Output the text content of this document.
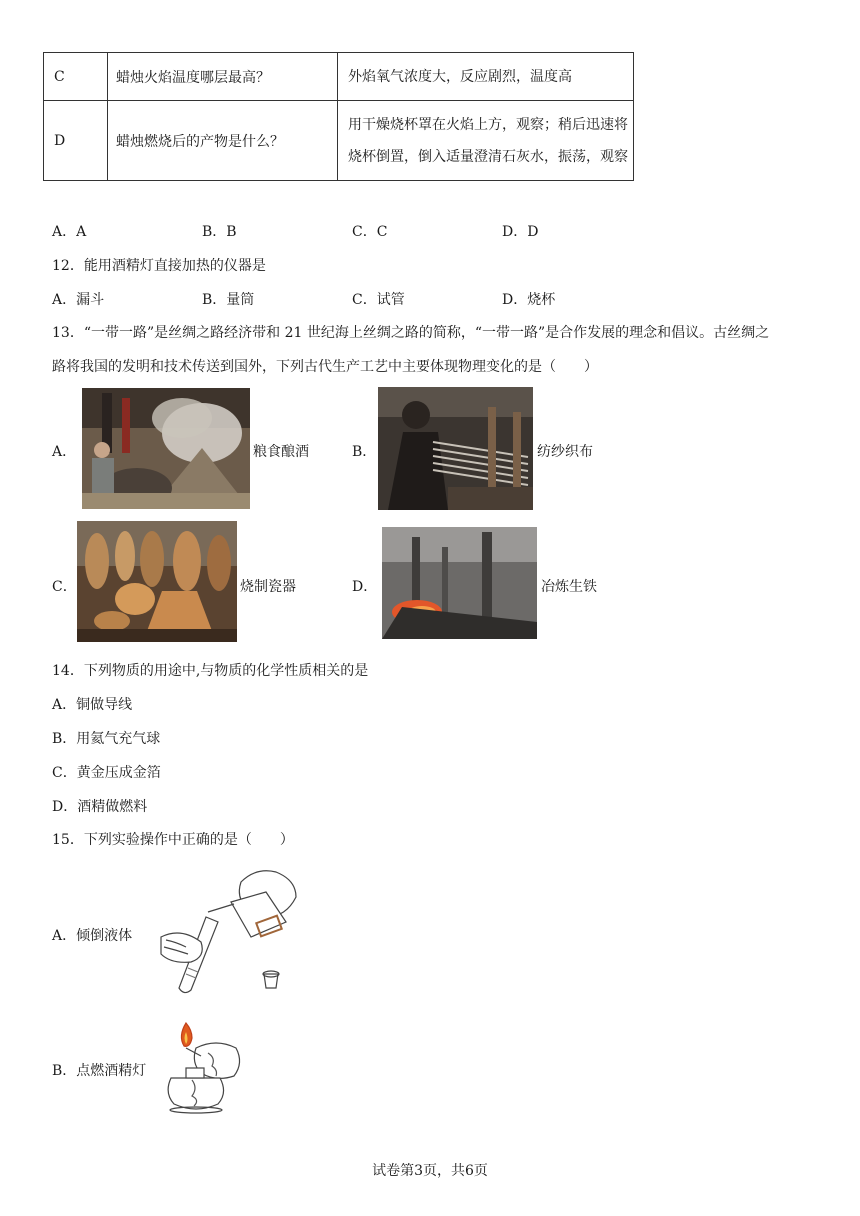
C	蜡烛火焰温度哪层最高？	外焰氧气浓度大，反应剧烈，温度高
D	蜡烛燃烧后的产物是什么？	用干燥烧杯罩在火焰上方，观察；稍后迅速将
烧杯倒置，倒入适量澄清石灰水，振荡，观察
A．A	B．B	C．C	D．D
12．能用酒精灯直接加热的仪器是
A．漏斗	B．量筒	C．试管	D．烧杯
13．“一带一路”是丝绸之路经济带和 21 世纪海上丝绸之路的简称，“一带一路”是合作发展的理念和倡议。古丝绸之
路将我国的发明和技术传送到国外，下列古代生产工艺中主要体现物理变化的是（　　）
A．	粮食酿酒	B．	纺纱织布
C．	烧制瓷器	D．	冶炼生铁
14．下列物质的用途中,与物质的化学性质相关的是
A．铜做导线
B．用氦气充气球
C．黄金压成金箔
D．酒精做燃料
15．下列实验操作中正确的是（　　）
A．倾倒液体
B．点燃酒精灯
试卷第3页，共6页
